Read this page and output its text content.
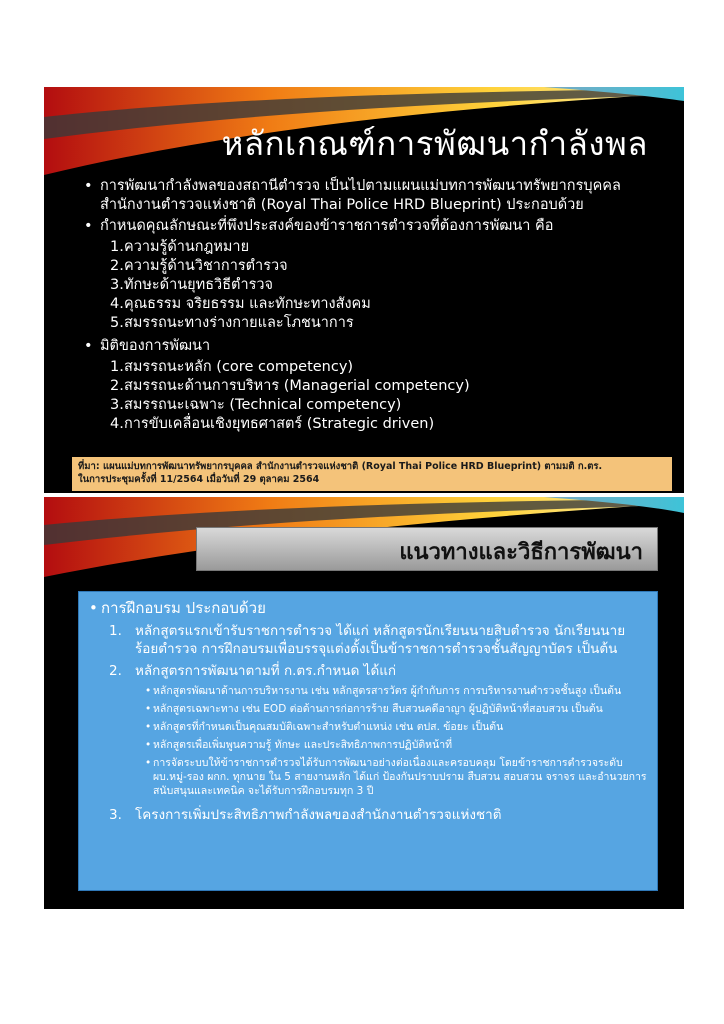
หลักเกณฑ์การพัฒนากำลังพล

• การพัฒนากำลังพลของสถานีตำรวจ เป็นไปตามแผนแม่บทการพัฒนาทรัพยากรบุคคล สำนักงานตำรวจแห่งชาติ (Royal Thai Police HRD Blueprint) ประกอบด้วย

• กำหนดคุณลักษณะที่พึงประสงค์ของข้าราชการตำรวจที่ต้องการพัฒนา คือ

1. ความรู้ด้านกฎหมาย
2. ความรู้ด้านวิชาการตำรวจ
3. ทักษะด้านยุทธวิธีตำรวจ
4. คุณธรรม จริยธรรม และทักษะทางสังคม
5. สมรรถนะทางร่างกายและโภชนาการ

• มิติของการพัฒนา

1. สมรรถนะหลัก (core competency)
2. สมรรถนะด้านการบริหาร (Managerial competency)
3. สมรรถนะเฉพาะ (Technical competency)
4. การขับเคลื่อนเชิงยุทธศาสตร์ (Strategic driven)
ที่มา: แผนแม่บทการพัฒนาทรัพยากรบุคคล สำนักงานตำรวจแห่งชาติ (Royal Thai Police HRD Blueprint) ตามมติ ก.ตร.
ในการประชุมครั้งที่ 11/2564 เมื่อวันที่ 29 ตุลาคม 2564
แนวทางและวิธีการพัฒนา
• การฝึกอบรม ประกอบด้วย
1. หลักสูตรแรกเข้ารับราชการตำรวจ ได้แก่ หลักสูตรนักเรียนนายสิบตำรวจ นักเรียนนายร้อยตำรวจ การฝึกอบรมเพื่อบรรจุแต่งตั้งเป็นข้าราชการตำรวจชั้นสัญญาบัตร เป็นต้น
2. หลักสูตรการพัฒนาตามที่ ก.ตร.กำหนด ได้แก่
• หลักสูตรพัฒนาด้านการบริหารงาน เช่น หลักสูตรสารวัตร ผู้กำกับการ การบริหารงานตำรวจชั้นสูง เป็นต้น
• หลักสูตรเฉพาะทาง เช่น EOD ต่อด้านการก่อการร้าย สืบสวนคดีอาญา ผู้ปฏิบัติหน้าที่สอบสวน เป็นต้น
• หลักสูตรที่กำหนดเป็นคุณสมบัติเฉพาะสำหรับตำแหน่ง เช่น ตปส. ข้อยะ เป็นต้น
• หลักสูตรเพื่อเพิ่มพูนความรู้ ทักษะ และประสิทธิภาพการปฏิบัติหน้าที่
• การจัดระบบให้ข้าราชการตำรวจได้รับการพัฒนาอย่างต่อเนื่องและครอบคลุม โดยข้าราชการตำรวจระดับ ผบ.หมู่-รอง ผกก. ทุกนาย ใน 5 สายงานหลัก ได้แก่ ป้องกันปราบปราม สืบสวน สอบสวน จราจร และอำนวยการสนับสนุนและเทคนิค จะได้รับการฝึกอบรมทุก 3 ปี
3. โครงการเพิ่มประสิทธิภาพกำลังพลของสำนักงานตำรวจแห่งชาติ
